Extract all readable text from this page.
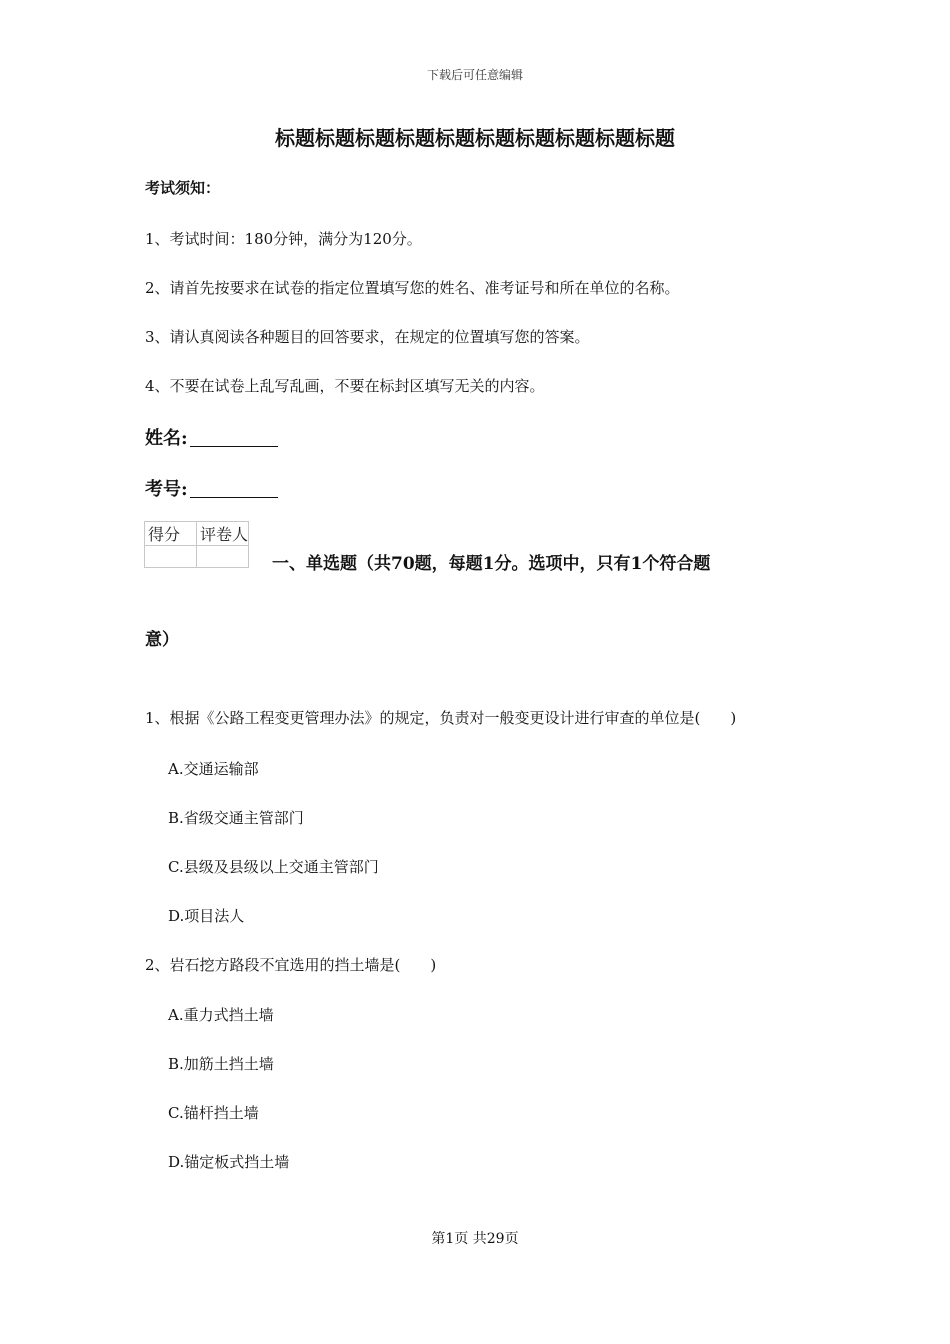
下载后可任意编辑
标题标题标题标题标题标题标题标题标题标题
考试须知：
1、考试时间：180分钟，满分为120分。
2、请首先按要求在试卷的指定位置填写您的姓名、准考证号和所在单位的名称。
3、请认真阅读各种题目的回答要求，在规定的位置填写您的答案。
4、不要在试卷上乱写乱画，不要在标封区填写无关的内容。
姓名:
考号:
得分	评卷人

一、单选题（共70题，每题1分。选项中，只有1个符合题
意）
1、根据《公路工程变更管理办法》的规定，负责对一般变更设计进行审查的单位是(　　)
A.交通运输部
B.省级交通主管部门
C.县级及县级以上交通主管部门
D.项目法人
2、岩石挖方路段不宜选用的挡土墙是(　　)
A.重力式挡土墙
B.加筋土挡土墙
C.锚杆挡土墙
D.锚定板式挡土墙
第1页 共29页
